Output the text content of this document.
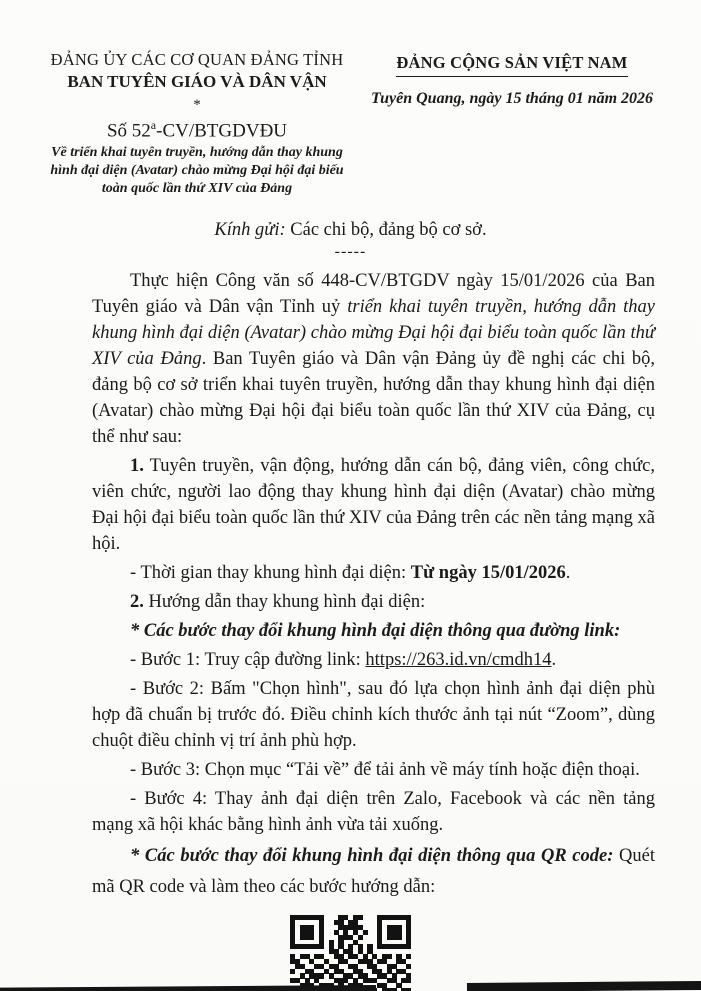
ĐẢNG ỦY CÁC CƠ QUAN ĐẢNG TỈNH
BAN TUYÊN GIÁO VÀ DÂN VẬN
*
Số 52$^a$-CV/BTGDVĐU
Về triển khai tuyên truyền, hướng dẫn thay khung hình đại diện (Avatar) chào mừng Đại hội đại biểu toàn quốc lần thứ XIV của Đảng
ĐẢNG CỘNG SẢN VIỆT NAM
Tuyên Quang, ngày 15 tháng 01 năm 2026
Kính gửi: Các chi bộ, đảng bộ cơ sở.
-----

Thực hiện Công văn số 448-CV/BTGDV ngày 15/01/2026 của Ban Tuyên giáo và Dân vận Tỉnh uỷ triển khai tuyên truyền, hướng dẫn thay khung hình đại diện (Avatar) chào mừng Đại hội đại biểu toàn quốc lần thứ XIV của Đảng. Ban Tuyên giáo và Dân vận Đảng ủy đề nghị các chi bộ, đảng bộ cơ sở triển khai tuyên truyền, hướng dẫn thay khung hình đại diện (Avatar) chào mừng Đại hội đại biểu toàn quốc lần thứ XIV của Đảng, cụ thể như sau:

1. Tuyên truyền, vận động, hướng dẫn cán bộ, đảng viên, công chức, viên chức, người lao động thay khung hình đại diện (Avatar) chào mừng Đại hội đại biểu toàn quốc lần thứ XIV của Đảng trên các nền tảng mạng xã hội.

- Thời gian thay khung hình đại diện: Từ ngày 15/01/2026.

2. Hướng dẫn thay khung hình đại diện:

* Các bước thay đổi khung hình đại diện thông qua đường link:

- Bước 1: Truy cập đường link: https://263.id.vn/cmdh14.

- Bước 2: Bấm "Chọn hình", sau đó lựa chọn hình ảnh đại diện phù hợp đã chuẩn bị trước đó. Điều chỉnh kích thước ảnh tại nút “Zoom”, dùng chuột điều chỉnh vị trí ảnh phù hợp.

- Bước 3: Chọn mục “Tải về” để tải ảnh về máy tính hoặc điện thoại.

- Bước 4: Thay ảnh đại diện trên Zalo, Facebook và các nền tảng mạng xã hội khác bằng hình ảnh vừa tải xuống.

* Các bước thay đổi khung hình đại diện thông qua QR code: Quét mã QR code và làm theo các bước hướng dẫn:
